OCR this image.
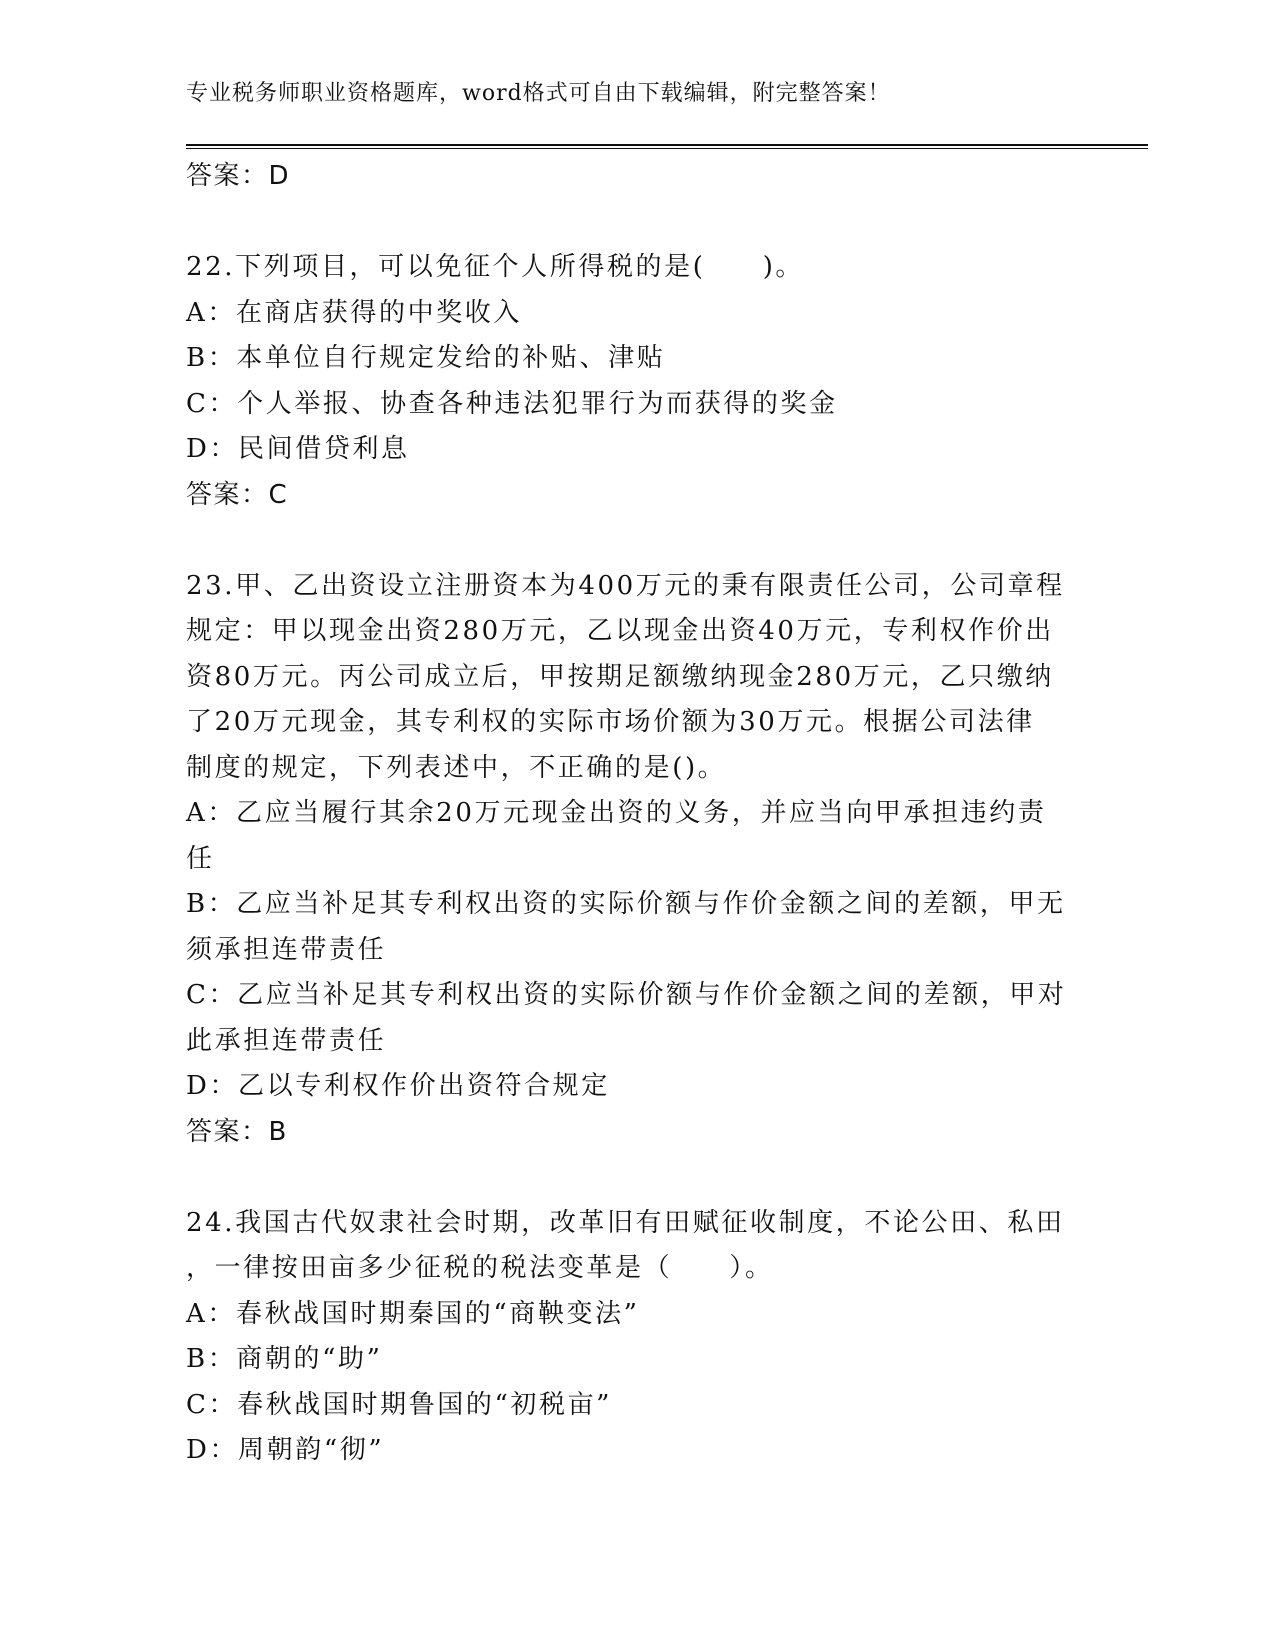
专业税务师职业资格题库，word格式可自由下载编辑，附完整答案！
答案：D
22.下列项目，可以免征个人所得税的是(　　)。
A：在商店获得的中奖收入
B：本单位自行规定发给的补贴、津贴
C：个人举报、协查各种违法犯罪行为而获得的奖金
D：民间借贷利息
答案：C
23.甲、乙出资设立注册资本为400万元的秉有限责任公司，公司章程
规定：甲以现金出资280万元，乙以现金出资40万元，专利权作价出
资80万元。丙公司成立后，甲按期足额缴纳现金280万元，乙只缴纳
了20万元现金，其专利权的实际市场价额为30万元。根据公司法律
制度的规定，下列表述中，不正确的是()。
A：乙应当履行其余20万元现金出资的义务，并应当向甲承担违约责
任
B：乙应当补足其专利权出资的实际价额与作价金额之间的差额，甲无
须承担连带责任
C：乙应当补足其专利权出资的实际价额与作价金额之间的差额，甲对
此承担连带责任
D：乙以专利权作价出资符合规定
答案：B
24.我国古代奴隶社会时期，改革旧有田赋征收制度，不论公田、私田
，一律按田亩多少征税的税法变革是（　　）。
A：春秋战国时期秦国的“商鞅变法”
B：商朝的“助”
C：春秋战国时期鲁国的“初税亩”
D：周朝韵“彻”
